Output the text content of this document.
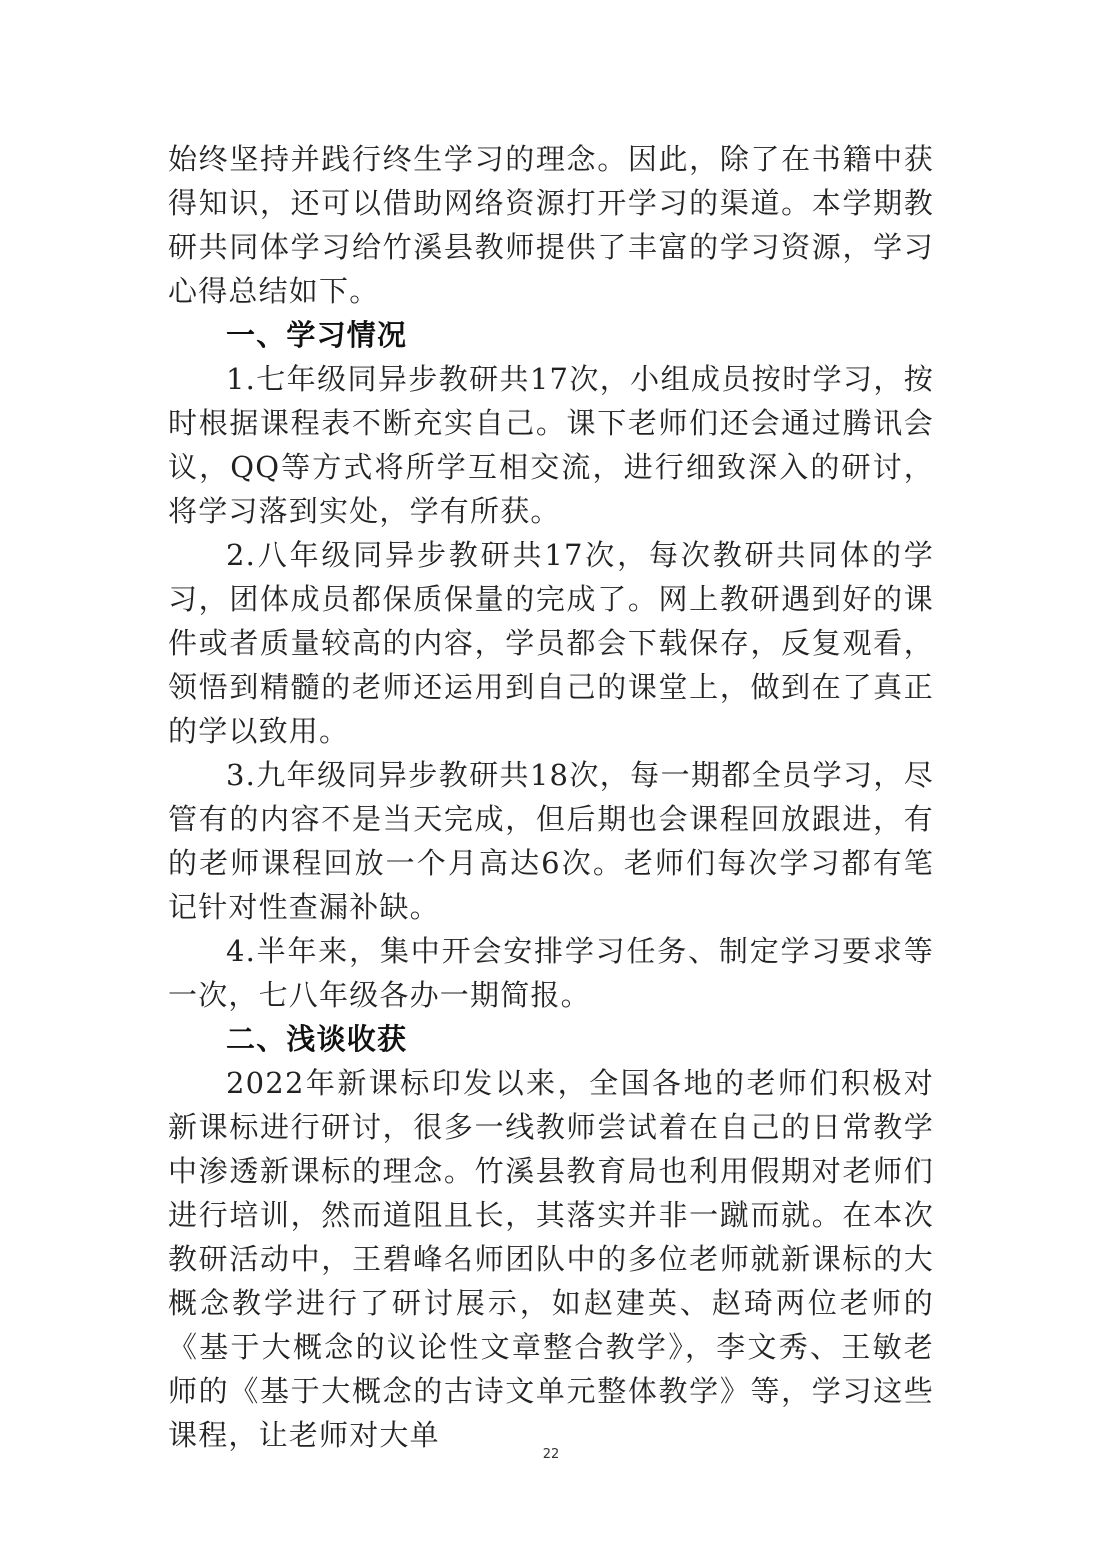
始终坚持并践行终生学习的理念。因此，除了在书籍中获得知识，还可以借助网络资源打开学习的渠道。本学期教研共同体学习给竹溪县教师提供了丰富的学习资源，学习心得总结如下。

一、学习情况

1.七年级同异步教研共17次，小组成员按时学习，按时根据课程表不断充实自己。课下老师们还会通过腾讯会议，QQ等方式将所学互相交流，进行细致深入的研讨，将学习落到实处，学有所获。

2.八年级同异步教研共17次，每次教研共同体的学习，团体成员都保质保量的完成了。网上教研遇到好的课件或者质量较高的内容，学员都会下载保存，反复观看，领悟到精髓的老师还运用到自己的课堂上，做到在了真正的学以致用。

3.九年级同异步教研共18次，每一期都全员学习，尽管有的内容不是当天完成，但后期也会课程回放跟进，有的老师课程回放一个月高达6次。老师们每次学习都有笔记针对性查漏补缺。

4.半年来，集中开会安排学习任务、制定学习要求等一次，七八年级各办一期简报。

二、浅谈收获

2022年新课标印发以来，全国各地的老师们积极对新课标进行研讨，很多一线教师尝试着在自己的日常教学中渗透新课标的理念。竹溪县教育局也利用假期对老师们进行培训，然而道阻且长，其落实并非一蹴而就。在本次教研活动中，王碧峰名师团队中的多位老师就新课标的大概念教学进行了研讨展示，如赵建英、赵琦两位老师的《基于大概念的议论性文章整合教学》，李文秀、王敏老师的《基于大概念的古诗文单元整体教学》等，学习这些课程，让老师对大单

22
